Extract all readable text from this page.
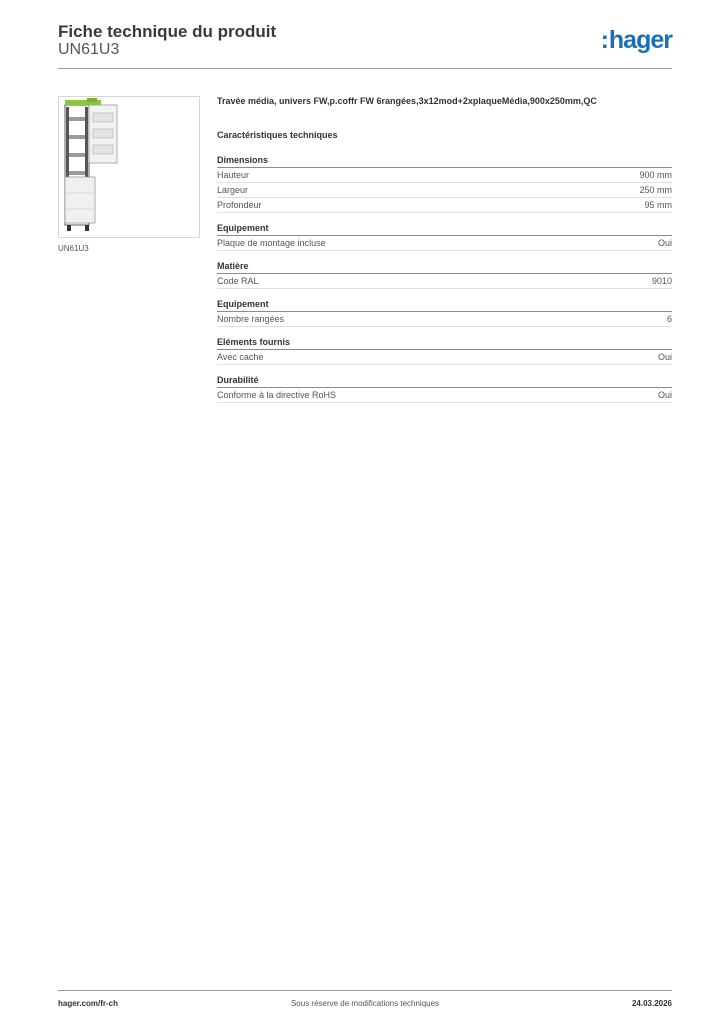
Fiche technique du produit
UN61U3	:hager
UN61U3
Travée média, univers FW,p.coffr FW 6rangées,3x12mod+2xplaqueMédia,900x250mm,QC
Caractéristiques techniques
Dimensions
Hauteur	900 mm
Largeur	250 mm
Profondeur	95 mm
Equipement
Plaque de montage incluse	Oui
Matière
Code RAL	9010
Equipement
Nombre rangées	6
Eléments fournis
Avec cache	Oui
Durabilité
Conforme à la directive RoHS	Oui
hager.com/fr-ch	Sous réserve de modifications techniques	24.03.2026
